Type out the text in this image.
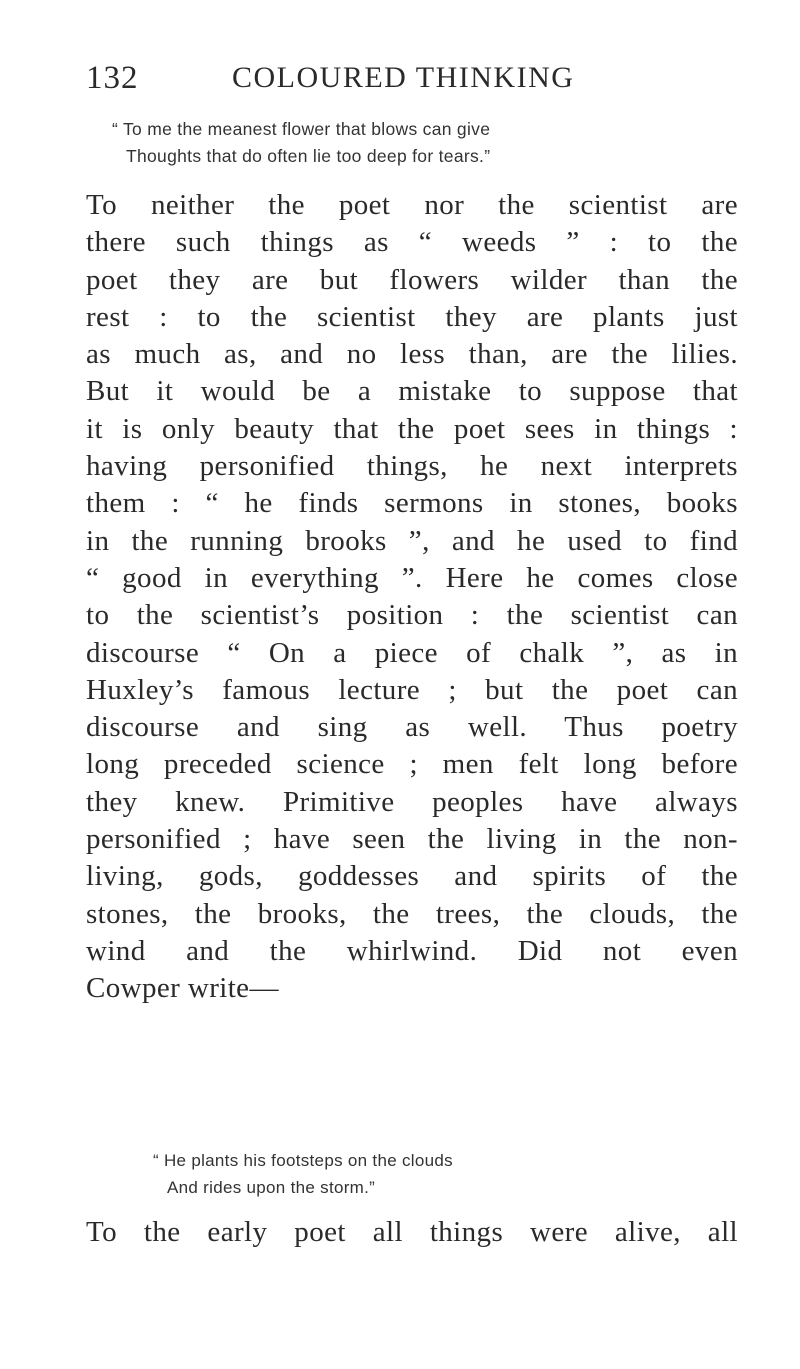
132	COLOURED THINKING
“ To me the meanest flower that blows can give
Thoughts that do often lie too deep for tears.”
To neither the poet nor the scientist are
there such things as “ weeds ” : to the
poet they are but flowers wilder than the
rest : to the scientist they are plants just
as much as, and no less than, are the lilies.
But it would be a mistake to suppose that
it is only beauty that the poet sees in things :
having personified things, he next interprets
them : “ he finds sermons in stones, books
in the running brooks ”, and he used to find
“ good in everything ”. Here he comes close
to the scientist’s position : the scientist can
discourse “ On a piece of chalk ”, as in
Huxley’s famous lecture ; but the poet can
discourse and sing as well. Thus poetry
long preceded science ; men felt long before
they knew. Primitive peoples have always
personified ; have seen the living in the non-
living, gods, goddesses and spirits of the
stones, the brooks, the trees, the clouds, the
wind and the whirlwind. Did not even
Cowper write—
“ He plants his footsteps on the clouds
And rides upon the storm.”
To the early poet all things were alive, all
